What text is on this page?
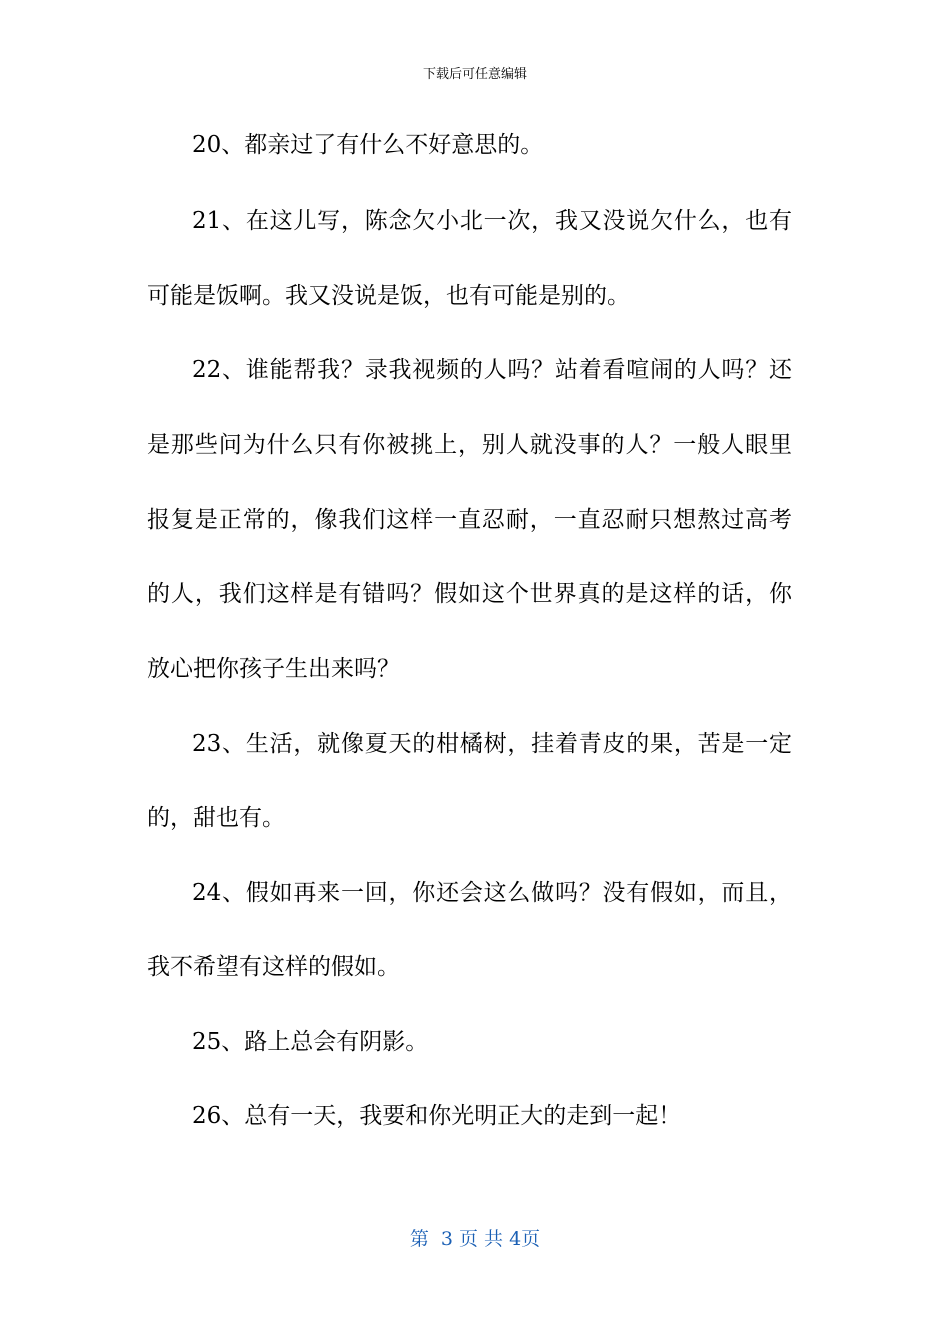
下载后可任意编辑
20、都亲过了有什么不好意思的。
21、在这儿写，陈念欠小北一次，我又没说欠什么，也有
可能是饭啊。我又没说是饭，也有可能是别的。
22、谁能帮我？录我视频的人吗？站着看喧闹的人吗？还
是那些问为什么只有你被挑上，别人就没事的人？一般人眼里
报复是正常的，像我们这样一直忍耐，一直忍耐只想熬过高考
的人，我们这样是有错吗？假如这个世界真的是这样的话，你
放心把你孩子生出来吗？
23、生活，就像夏天的柑橘树，挂着青皮的果，苦是一定
的，甜也有。
24、假如再来一回，你还会这么做吗？没有假如，而且，
我不希望有这样的假如。
25、路上总会有阴影。
26、总有一天，我要和你光明正大的走到一起！
第  3 页 共 4页
